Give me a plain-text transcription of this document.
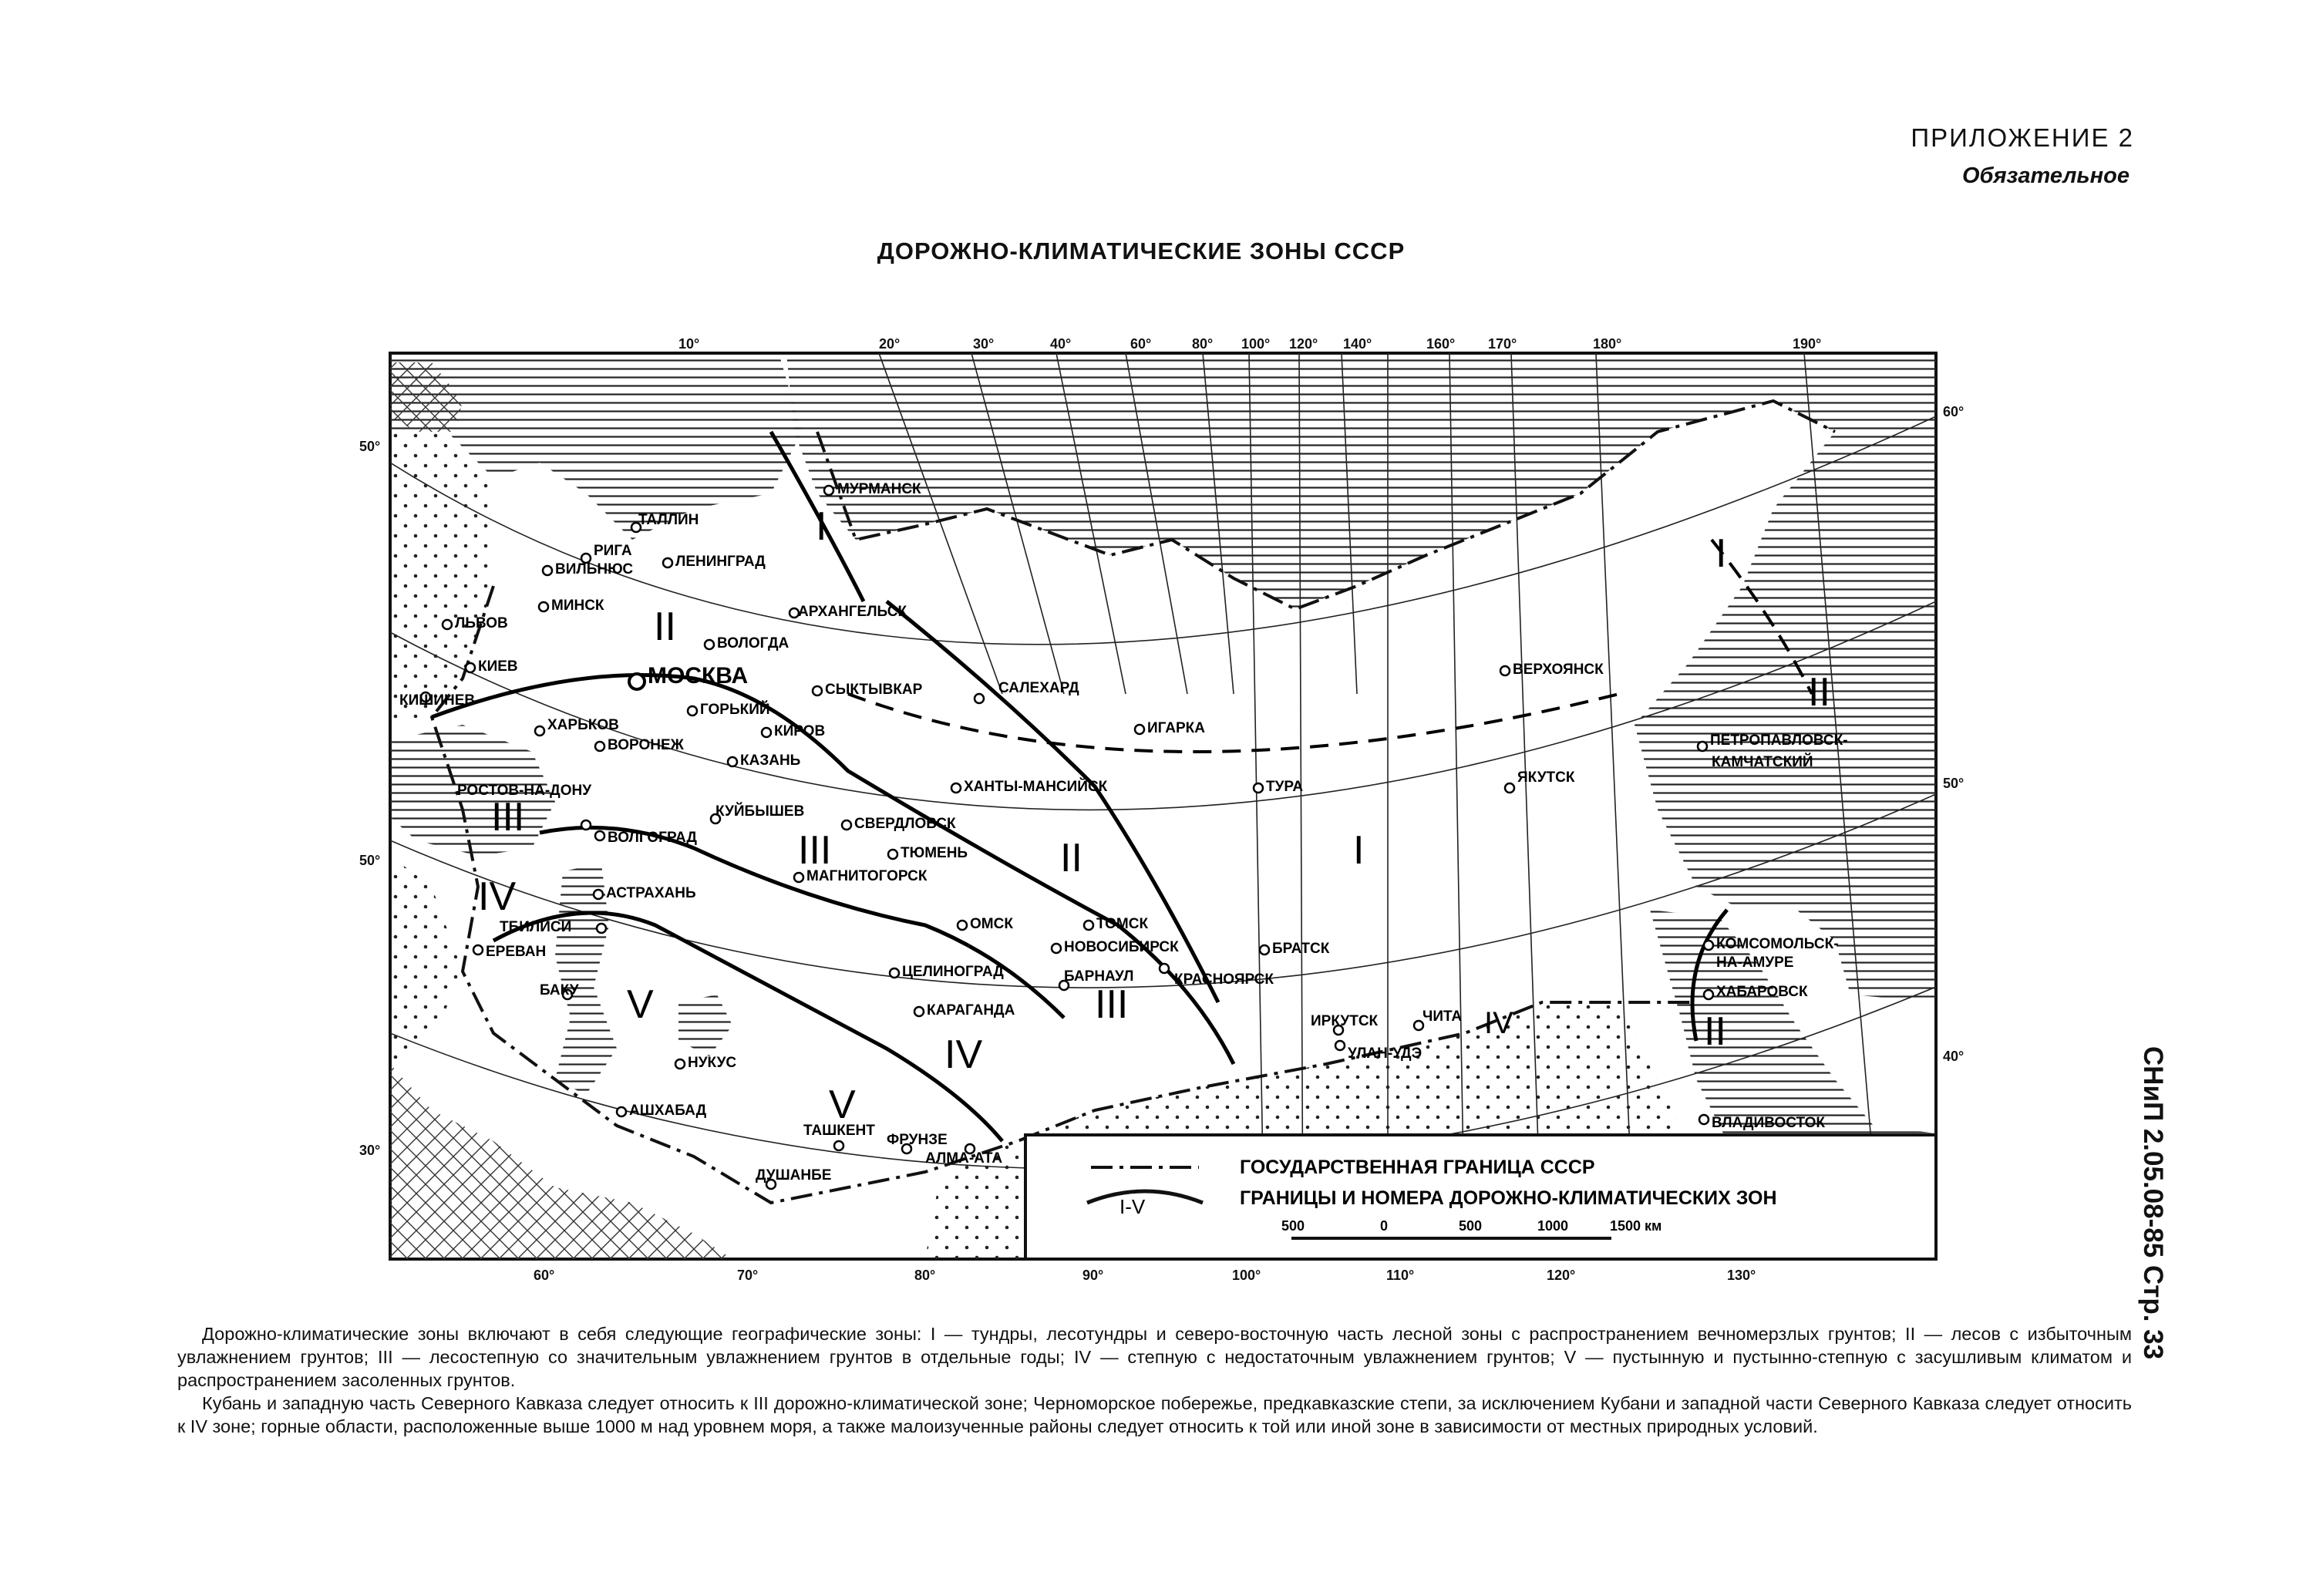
ПРИЛОЖЕНИЕ 2
Обязательное
ДОРОЖНО-КЛИМАТИЧЕСКИЕ ЗОНЫ СССР
СНиП 2.05.08-85 Стр. 33
10°	20°	30°	40°	60°	80° 100° 120° 140°	160° 170°	180°	190°
60°	70°	80°	90°	100°	110°	120°	130°
50°
50°
30°
60°
50°
40°
I
I
I
II
II
II
II
III
III
III
IV
IV
IV
V
V
МУРМАНСК
ТАЛЛИН
РИГА
ЛЕНИНГРАД
ВИЛЬНЮС
МИНСК	АРХАНГЕЛЬСК
ЛЬВОВ
ВОЛОГДА
КИЕВ	МОСКВА
СЫКТЫВКАР	САЛЕХАРД
ВЕРХОЯНСК
КИШИНЕВ
ГОРЬКИЙ
ИГАРКА
ХАРЬКОВ	КИРОВ
ВОРОНЕЖ
КАЗАНЬ
ПЕТРОПАВЛОВСК-
КАМЧАТСКИЙ
ХАНТЫ-МАНСИЙСК
ЯКУТСК
РОСТОВ-НА-ДОНУ
КУЙБЫШЕВ
СВЕРДЛОВСК
ТУРА
ВОЛГОГРАД
ТЮМЕНЬ
МАГНИТОГОРСК
АСТРАХАНЬ
ТОМСК
ОМСК
ТБИЛИСИ
НОВОСИБИРСК	БРАТСК	КОМСОМОЛЬСК-
ЕРЕВАН
НА-АМУРЕ
ЦЕЛИНОГРАД	БАРНАУЛ	КРАСНОЯРСК
БАКУ	ХАБАРОВСК
КАРАГАНДА
ИРКУТСК	ЧИТА
НУКУС
УЛАН-УДЭ
АШХАБАД
ВЛАДИВОСТОК
ТАШКЕНТ
ФРУНЗЕ
АЛМА-АТА
ДУШАНБЕ	ГОСУДАРСТВЕННАЯ ГРАНИЦА СССР
I-V	ГРАНИЦЫ И НОМЕРА ДОРОЖНО-КЛИМАТИЧЕСКИХ ЗОН
500	0	500	1000	1500 км

Дорожно-климатические зоны включают в себя следующие географические зоны: I — тундры, лесотундры и северо-восточную часть лесной зоны с распространением вечномерзлых грунтов; II — лесов с избыточным увлажнением грунтов; III — лесостепную со значительным увлажнением грунтов в отдельные годы; IV — степную с недостаточным увлажнением грунтов; V — пустынную и пустынно-степную с засушливым климатом и распространением засоленных грунтов.

Кубань и западную часть Северного Кавказа следует относить к III дорожно-климатической зоне; Черноморское побережье, предкавказские степи, за исключением Кубани и западной части Северного Кавказа следует относить к IV зоне; горные области, расположенные выше 1000 м над уровнем моря, а также малоизученные районы следует относить к той или иной зоне в зависимости от местных природных условий.
